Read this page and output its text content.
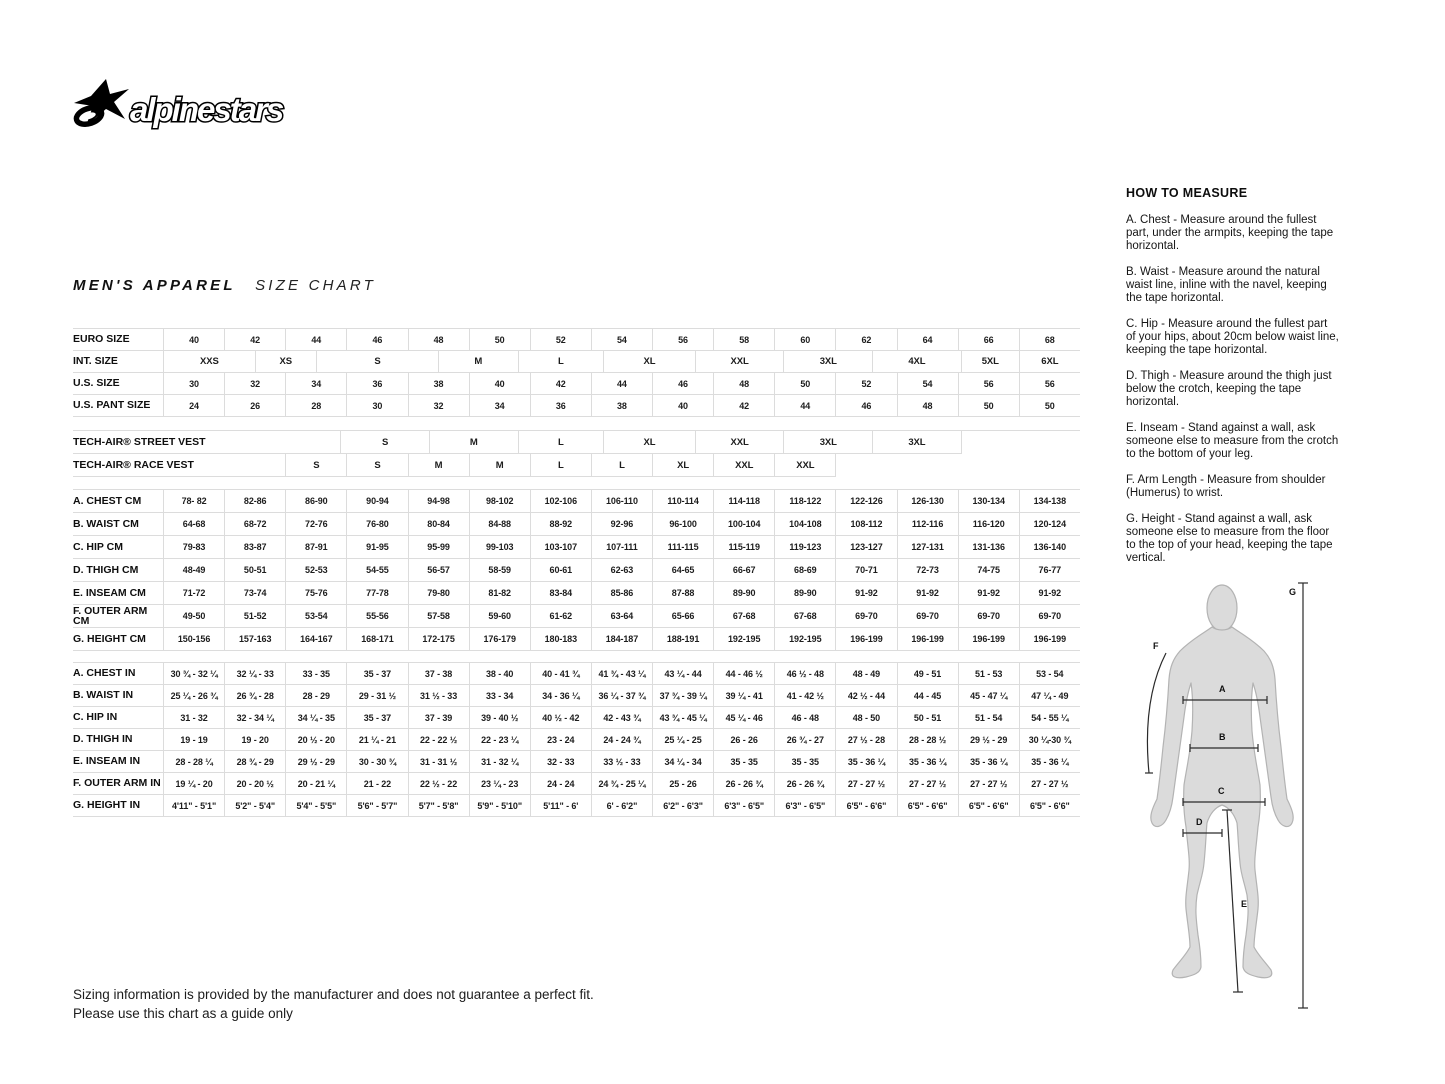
alpinestars
MEN'S APPAREL SIZE CHART
EURO SIZE	40	42	44	46	48	50	52	54	56	58	60	62	64	66	68
INT. SIZE	XXS	XS	S	M	L	XL	XXL	3XL	4XL	5XL	6XL
U.S. SIZE	30	32	34	36	38	40	42	44	46	48	50	52	54	56	56
U.S. PANT SIZE	24	26	28	30	32	34	36	38	40	42	44	46	48	50	50
TECH-AIR® STREET VEST	S	M	L	XL	XXL	3XL	3XL
TECH-AIR® RACE VEST	S	S	M	M	L	L	XL	XXL	XXL
A. CHEST CM	78- 82	82-86	86-90	90-94	94-98	98-102	102-106	106-110	110-114	114-118	118-122	122-126	126-130	130-134	134-138
B. WAIST CM	64-68	68-72	72-76	76-80	80-84	84-88	88-92	92-96	96-100	100-104	104-108	108-112	112-116	116-120	120-124
C. HIP CM	79-83	83-87	87-91	91-95	95-99	99-103	103-107	107-111	111-115	115-119	119-123	123-127	127-131	131-136	136-140
D. THIGH CM	48-49	50-51	52-53	54-55	56-57	58-59	60-61	62-63	64-65	66-67	68-69	70-71	72-73	74-75	76-77
E. INSEAM CM	71-72	73-74	75-76	77-78	79-80	81-82	83-84	85-86	87-88	89-90	89-90	91-92	91-92	91-92	91-92
F. OUTER ARM CM	49-50	51-52	53-54	55-56	57-58	59-60	61-62	63-64	65-66	67-68	67-68	69-70	69-70	69-70	69-70
G. HEIGHT CM	150-156	157-163	164-167	168-171	172-175	176-179	180-183	184-187	188-191	192-195	192-195	196-199	196-199	196-199	196-199
A. CHEST IN	30 ¾ - 32 ¼	32 ¼ - 33	33 - 35	35 - 37	37 - 38	38 - 40	40 - 41 ¾	41 ¾ - 43 ¼	43 ¼ - 44	44 - 46 ½	46 ½ - 48	48 - 49	49 - 51	51 - 53	53 - 54
B. WAIST IN	25 ¼ - 26 ¾	26 ¾ - 28	28 - 29	29 - 31 ½	31 ½ - 33	33 - 34	34 - 36 ¼	36 ¼ - 37 ¾	37 ¾ - 39 ¼	39 ¼ - 41	41 - 42 ½	42 ½ - 44	44 - 45	45 - 47 ¼	47 ¼ - 49
C. HIP IN	31 - 32	32 - 34 ¼	34 ¼ - 35	35 - 37	37 - 39	39 - 40 ½	40 ½ - 42	42 - 43 ¾	43 ¾ - 45 ¼	45 ¼ - 46	46 - 48	48 - 50	50 - 51	51 - 54	54 - 55 ¼
D. THIGH IN	19 - 19	19 - 20	20 ½ - 20	21 ¼ - 21	22 - 22 ½	22 - 23 ¼	23 - 24	24 - 24 ¾	25 ¼ - 25	26 - 26	26 ¾ - 27	27 ½ - 28	28 - 28 ½	29 ½ - 29	30 ¼-30 ¾
E. INSEAM IN	28 - 28 ¼	28 ¾ - 29	29 ½ - 29	30 - 30 ¾	31 - 31 ½	31 - 32 ¼	32 - 33	33 ½ - 33	34 ¼ - 34	35 - 35	35 - 35	35 - 36 ¼	35 - 36 ¼	35 - 36 ¼	35 - 36 ¼
F. OUTER ARM IN	19 ¼ - 20	20 - 20 ½	20 - 21 ¼	21 - 22	22 ½ - 22	23 ¼ - 23	24 - 24	24 ¾ - 25 ¼	25 - 26	26 - 26 ¾	26 - 26 ¾	27 - 27 ½	27 - 27 ½	27 - 27 ½	27 - 27 ½
G. HEIGHT IN	4'11" - 5'1"	5'2" - 5'4"	5'4" - 5'5"	5'6" - 5'7"	5'7" - 5'8"	5'9" - 5'10"	5'11" - 6'	6' - 6'2"	6'2" - 6'3"	6'3" - 6'5"	6'3" - 6'5"	6'5" - 6'6"	6'5" - 6'6"	6'5" - 6'6"	6'5" - 6'6"
HOW TO MEASURE

A. Chest - Measure around the fullest part, under the armpits, keeping the tape horizontal.

B. Waist - Measure around the natural waist line, inline with the navel, keeping the tape horizontal.

C. Hip - Measure around the fullest part of your hips, about 20cm below waist line, keeping the tape horizontal.

D. Thigh - Measure around the thigh just below the crotch, keeping the tape horizontal.

E. Inseam - Stand against a wall, ask someone else to measure from the crotch to the bottom of your leg.

F. Arm Length - Measure from shoulder (Humerus) to wrist.

G. Height - Stand against a wall, ask someone else to measure from the floor to the top of your head, keeping the tape vertical.

A
B
C
D
E
F
G
Sizing information is provided by the manufacturer and does not guarantee a perfect fit.
Please use this chart as a guide only
